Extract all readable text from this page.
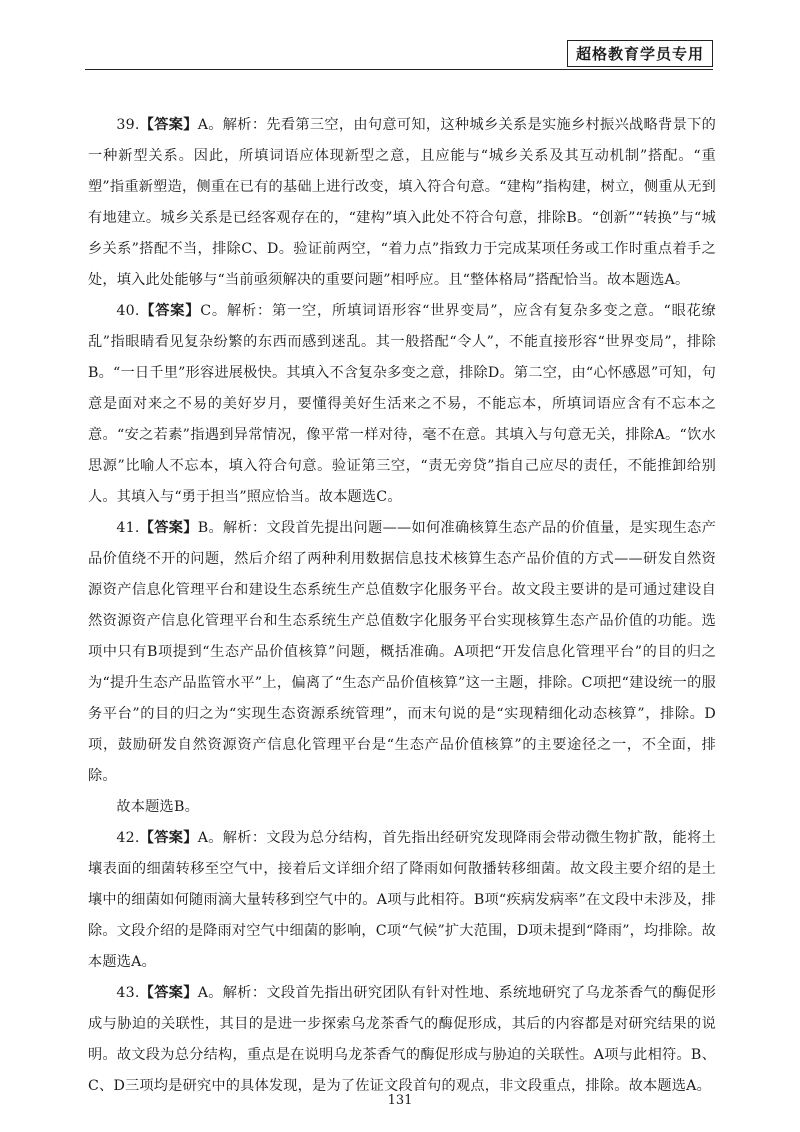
超格教育学员专用

39.【答案】A。解析：先看第三空，由句意可知，这种城乡关系是实施乡村振兴战略背景下的一种新型关系。因此，所填词语应体现新型之意，且应能与“城乡关系及其互动机制”搭配。“重塑”指重新塑造，侧重在已有的基础上进行改变，填入符合句意。“建构”指构建，树立，侧重从无到有地建立。城乡关系是已经客观存在的，“建构”填入此处不符合句意，排除B。“创新”“转换”与“城乡关系”搭配不当，排除C、D。验证前两空，“着力点”指致力于完成某项任务或工作时重点着手之处，填入此处能够与“当前亟须解决的重要问题”相呼应。且“整体格局”搭配恰当。故本题选A。

40.【答案】C。解析：第一空，所填词语形容“世界变局”，应含有复杂多变之意。“眼花缭乱”指眼睛看见复杂纷繁的东西而感到迷乱。其一般搭配“令人”，不能直接形容“世界变局”，排除B。“一日千里”形容进展极快。其填入不含复杂多变之意，排除D。第二空，由“心怀感恩”可知，句意是面对来之不易的美好岁月，要懂得美好生活来之不易，不能忘本，所填词语应含有不忘本之意。“安之若素”指遇到异常情况，像平常一样对待，毫不在意。其填入与句意无关，排除A。“饮水思源”比喻人不忘本，填入符合句意。验证第三空，“责无旁贷”指自己应尽的责任，不能推卸给别人。其填入与“勇于担当”照应恰当。故本题选C。

41.【答案】B。解析：文段首先提出问题——如何准确核算生态产品的价值量，是实现生态产品价值绕不开的问题，然后介绍了两种利用数据信息技术核算生态产品价值的方式——研发自然资源资产信息化管理平台和建设生态系统生产总值数字化服务平台。故文段主要讲的是可通过建设自然资源资产信息化管理平台和生态系统生产总值数字化服务平台实现核算生态产品价值的功能。选项中只有B项提到“生态产品价值核算”问题，概括准确。A项把“开发信息化管理平台”的目的归之为“提升生态产品监管水平”上，偏离了“生态产品价值核算”这一主题，排除。C项把“建设统一的服务平台”的目的归之为“实现生态资源系统管理”，而末句说的是“实现精细化动态核算”，排除。D项，鼓励研发自然资源资产信息化管理平台是“生态产品价值核算”的主要途径之一，不全面，排除。

故本题选B。

42.【答案】A。解析：文段为总分结构，首先指出经研究发现降雨会带动微生物扩散，能将土壤表面的细菌转移至空气中，接着后文详细介绍了降雨如何散播转移细菌。故文段主要介绍的是土壤中的细菌如何随雨滴大量转移到空气中的。A项与此相符。B项“疾病发病率”在文段中未涉及，排除。文段介绍的是降雨对空气中细菌的影响，C项“气候”扩大范围，D项未提到“降雨”，均排除。故本题选A。

43.【答案】A。解析：文段首先指出研究团队有针对性地、系统地研究了乌龙茶香气的酶促形成与胁迫的关联性，其目的是进一步探索乌龙茶香气的酶促形成，其后的内容都是对研究结果的说明。故文段为总分结构，重点是在说明乌龙茶香气的酶促形成与胁迫的关联性。A项与此相符。B、C、D三项均是研究中的具体发现，是为了佐证文段首句的观点，非文段重点，排除。故本题选A。

131
